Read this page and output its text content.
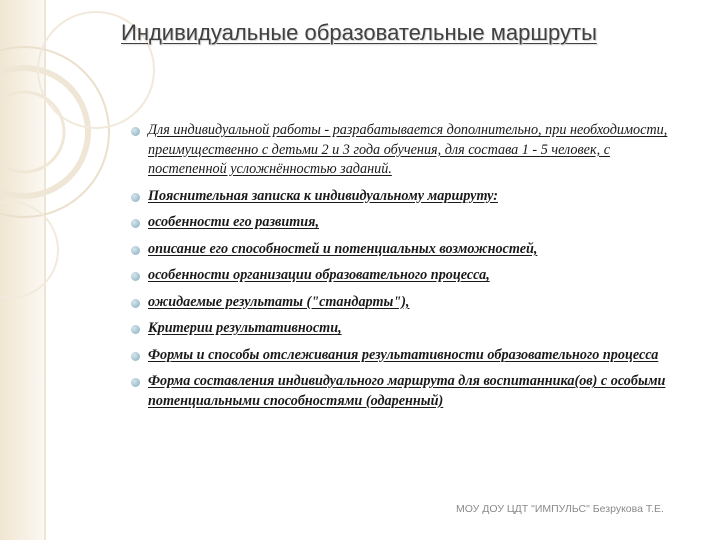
Индивидуальные образовательные маршруты
Для индивидуальной работы - разрабатывается дополнительно, при необходимости, преимущественно с детьми 2 и 3 года обучения, для состава 1 - 5 человек, с постепенной усложнённостью заданий.
Пояснительная записка к индивидуальному маршруту:
особенности его развития,
описание его способностей и потенциальных возможностей,
особенности организации образовательного процесса,
ожидаемые результаты ("стандарты"),
Критерии результативности,
Формы и способы отслеживания результативности образовательного процесса
Форма составления индивидуального маршрута для воспитанника(ов) с особыми потенциальными способностями (одаренный)

МОУ ДОУ ЦДТ "ИМПУЛЬС" Безрукова Т.Е.
